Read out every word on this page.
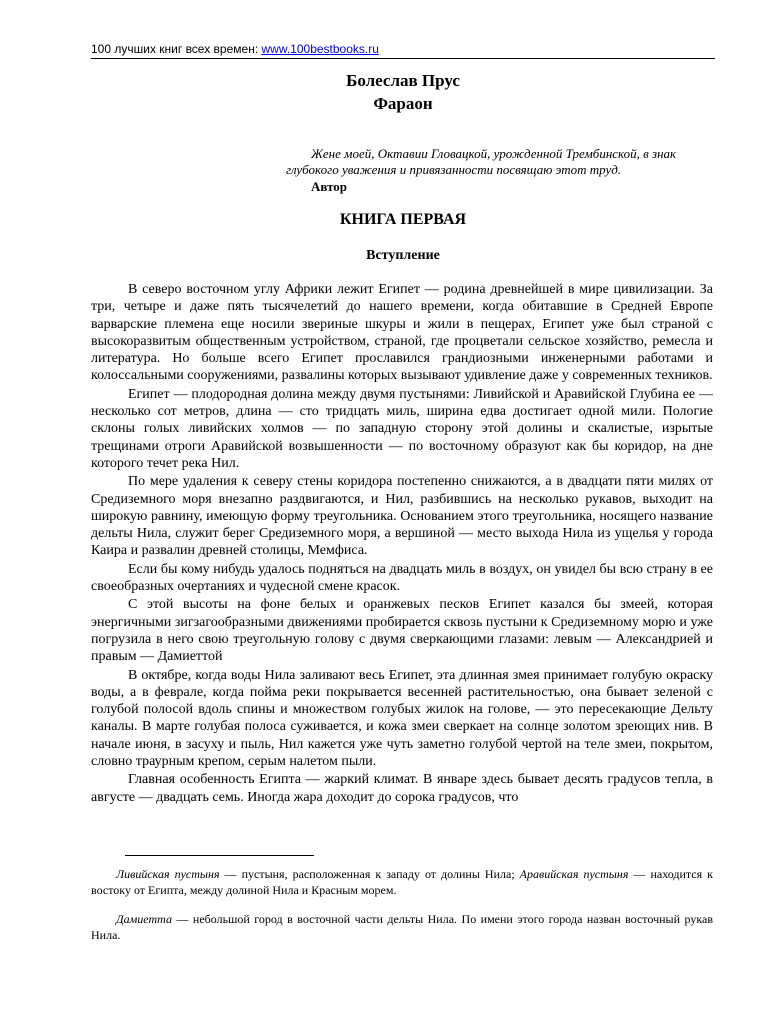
100 лучших книг всех времен: www.100bestbooks.ru
Болеслав Прус
Фараон
Жене моей, Октавии Гловацкой, урожденной Трембинской, в знак глубокого уважения и привязанности посвящаю этот труд.
Автор
КНИГА ПЕРВАЯ
Вступление

В северо восточном углу Африки лежит Египет — родина древнейшей в мире цивилизации. За три, четыре и даже пять тысячелетий до нашего времени, когда обитавшие в Средней Европе варварские племена еще носили звериные шкуры и жили в пещерах, Египет уже был страной с высокоразвитым общественным устройством, страной, где процветали сельское хозяйство, ремесла и литература. Но больше всего Египет прославился грандиозными инженерными работами и колоссальными сооружениями, развалины которых вызывают удивление даже у современных техников.

Египет — плодородная долина между двумя пустынями: Ливийской и Аравийской Глубина ее — несколько сот метров, длина — сто тридцать миль, ширина едва достигает одной мили. Пологие склоны голых ливийских холмов — по западную сторону этой долины и скалистые, изрытые трещинами отроги Аравийской возвышенности — по восточному образуют как бы коридор, на дне которого течет река Нил.

По мере удаления к северу стены коридора постепенно снижаются, а в двадцати пяти милях от Средиземного моря внезапно раздвигаются, и Нил, разбившись на несколько рукавов, выходит на широкую равнину, имеющую форму треугольника. Основанием этого треугольника, носящего название дельты Нила, служит берег Средиземного моря, а вершиной — место выхода Нила из ущелья у города Каира и развалин древней столицы, Мемфиса.

Если бы кому нибудь удалось подняться на двадцать миль в воздух, он увидел бы всю страну в ее своеобразных очертаниях и чудесной смене красок.

С этой высоты на фоне белых и оранжевых песков Египет казался бы змеей, которая энергичными зигзагообразными движениями пробирается сквозь пустыни к Средиземному морю и уже погрузила в него свою треугольную голову с двумя сверкающими глазами: левым — Александрией и правым — Дамиеттой

В октябре, когда воды Нила заливают весь Египет, эта длинная змея принимает голубую окраску воды, а в феврале, когда пойма реки покрывается весенней растительностью, она бывает зеленой с голубой полосой вдоль спины и множеством голубых жилок на голове, — это пересекающие Дельту каналы. В марте голубая полоса суживается, и кожа змеи сверкает на солнце золотом зреющих нив. В начале июня, в засуху и пыль, Нил кажется уже чуть заметно голубой чертой на теле змеи, покрытом, словно траурным крепом, серым налетом пыли.

Главная особенность Египта — жаркий климат. В январе здесь бывает десять градусов тепла, в августе — двадцать семь. Иногда жара доходит до сорока градусов, что

Ливийская пустыня — пустыня, расположенная к западу от долины Нила; Аравийская пустыня — находится к востоку от Египта, между долиной Нила и Красным морем.

Дамиетта — небольшой город в восточной части дельты Нила. По имени этого города назван восточный рукав Нила.
